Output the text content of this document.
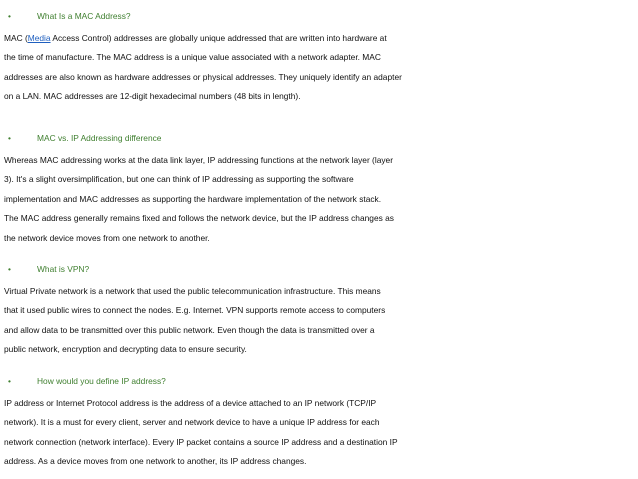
•	What Is a MAC Address?
MAC (Media Access Control) addresses are globally unique addressed that are written into hardware at
the time of manufacture. The MAC address is a unique value associated with a network adapter. MAC
addresses are also known as hardware addresses or physical addresses. They uniquely identify an adapter
on a LAN. MAC addresses are 12-digit hexadecimal numbers (48 bits in length).
•	MAC vs. IP Addressing difference
Whereas MAC addressing works at the data link layer, IP addressing functions at the network layer (layer
3). It's a slight oversimplification, but one can think of IP addressing as supporting the software
implementation and MAC addresses as supporting the hardware implementation of the network stack.
The MAC address generally remains fixed and follows the network device, but the IP address changes as
the network device moves from one network to another.
•	What is VPN?
Virtual Private network is a network that used the public telecommunication infrastructure. This means
that it used public wires to connect the nodes. E.g. Internet. VPN supports remote access to computers
and allow data to be transmitted over this public network. Even though the data is transmitted over a
public network, encryption and decrypting data to ensure security.
•	How would you define IP address?
IP address or Internet Protocol address is the address of a device attached to an IP network (TCP/IP
network). It is a must for every client, server and network device to have a unique IP address for each
network connection (network interface). Every IP packet contains a source IP address and a destination IP
address. As a device moves from one network to another, its IP address changes.
